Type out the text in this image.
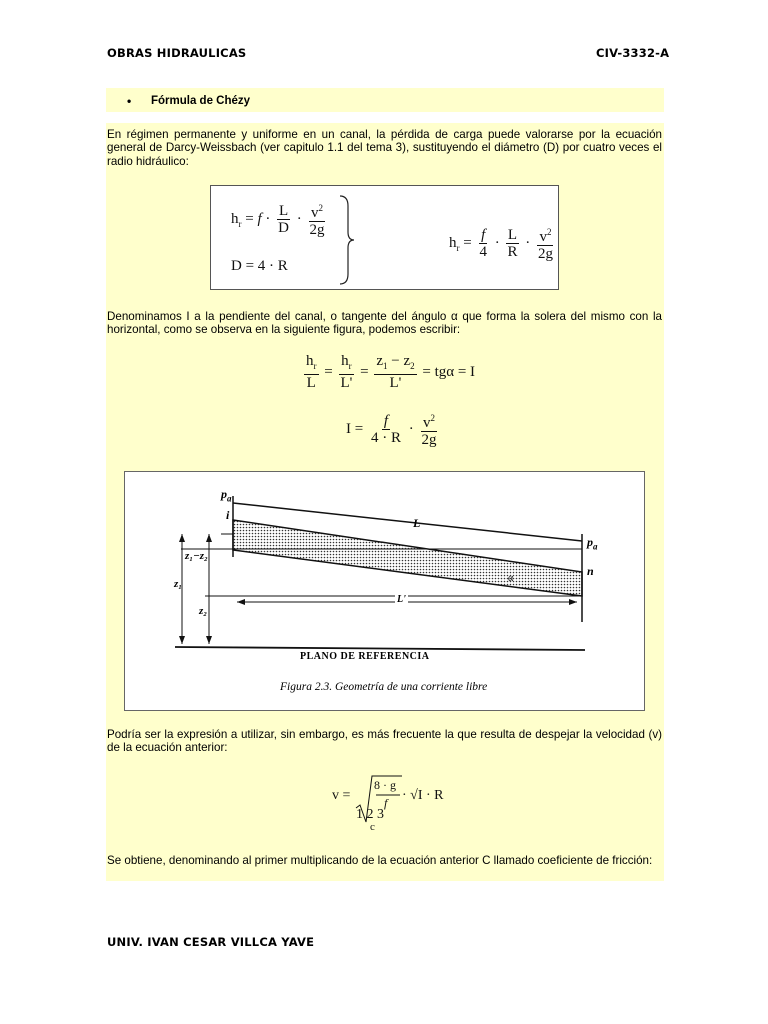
OBRAS HIDRAULICAS	CIV-3332-A
• Fórmula de Chézy
En régimen permanente y uniforme en un canal, la pérdida de carga puede valorarse por la ecuación general de Darcy-Weissbach (ver capitulo 1.1 del tema 3), sustituyendo el diámetro (D) por cuatro veces el radio hidráulico:
$h_r = f \cdot \frac{L}{D} \cdot \frac{v^2}{2g}$
D = 4 · R
$h_r = \frac{f}{4} \cdot \frac{L}{R} \cdot \frac{v^2}{2g}$
Denominamos I a la pendiente del canal, o tangente del ángulo α que forma la solera del mismo con la horizontal, como se observa en la siguiente figura, podemos escribir:
$\frac{h_r}{L} = \frac{h_r}{L'} = \frac{z_1 - z_2}{L'} = tg\alpha = I$
$I = \frac{f}{4 \cdot R} \cdot \frac{v^2}{2g}$
$p_a$
$p_a$
i
L
n
α
z₁−z₂
z₁
z₂
L'
PLANO DE REFERENCIA
Figura 2.3. Geometría de una corriente libre
Podría ser la expresión a utilizar, sin embargo, es más frecuente la que resulta de despejar la velocidad (v) de la ecuación anterior:
v =
8 · g
f · √I · R
1 2 3
c
Se obtiene, denominando al primer multiplicando de la ecuación anterior C llamado coeficiente de fricción:
UNIV. IVAN CESAR VILLCA YAVE
